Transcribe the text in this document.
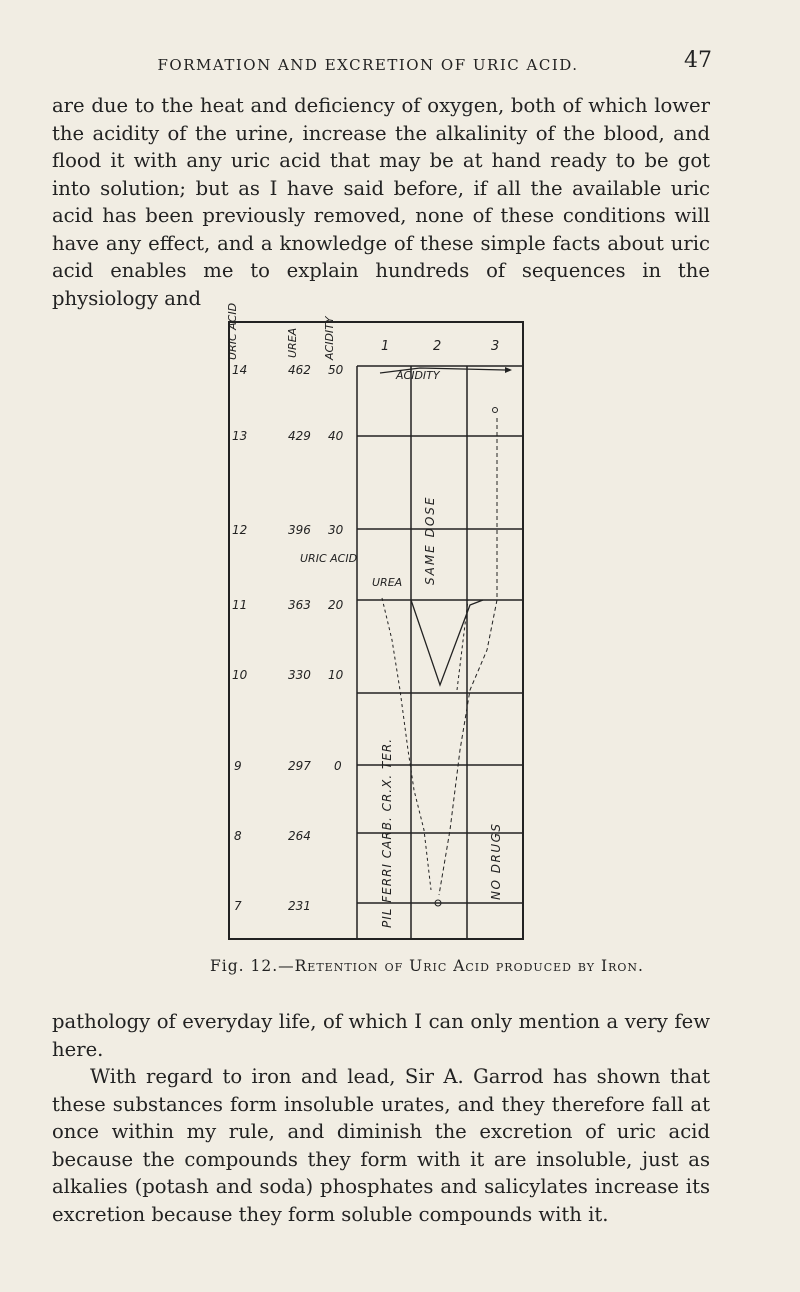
FORMATION AND EXCRETION OF URIC ACID.	47

are due to the heat and deficiency of oxygen, both of which lower the acidity of the urine, increase the alkalinity of the blood, and flood it with any uric acid that may be at hand ready to be got into solution; but as I have said before, if all the available uric acid has been previously removed, none of these conditions will have any effect, and a knowledge of these simple facts about uric acid enables me to explain hundreds of sequences in the physiology and

URIC ACID	UREA ACIDITY	1	2	3
14	462 50
13	429 40
12	396 30
11	363 20
10	330 10
9	297 0
8	264
7	231
ACIDITY
URIC ACID
UREA SAME DOSE
PIL FERRI CARB. CR.X. TER.	NO DRUGS
Fig. 12.—Retention of Uric Acid produced by Iron.

pathology of everyday life, of which I can only mention a very few here.

With regard to iron and lead, Sir A. Garrod has shown that these substances form insoluble urates, and they therefore fall at once within my rule, and diminish the excretion of uric acid because the compounds they form with it are insoluble, just as alkalies (potash and soda) phosphates and salicylates increase its excretion because they form soluble compounds with it.
